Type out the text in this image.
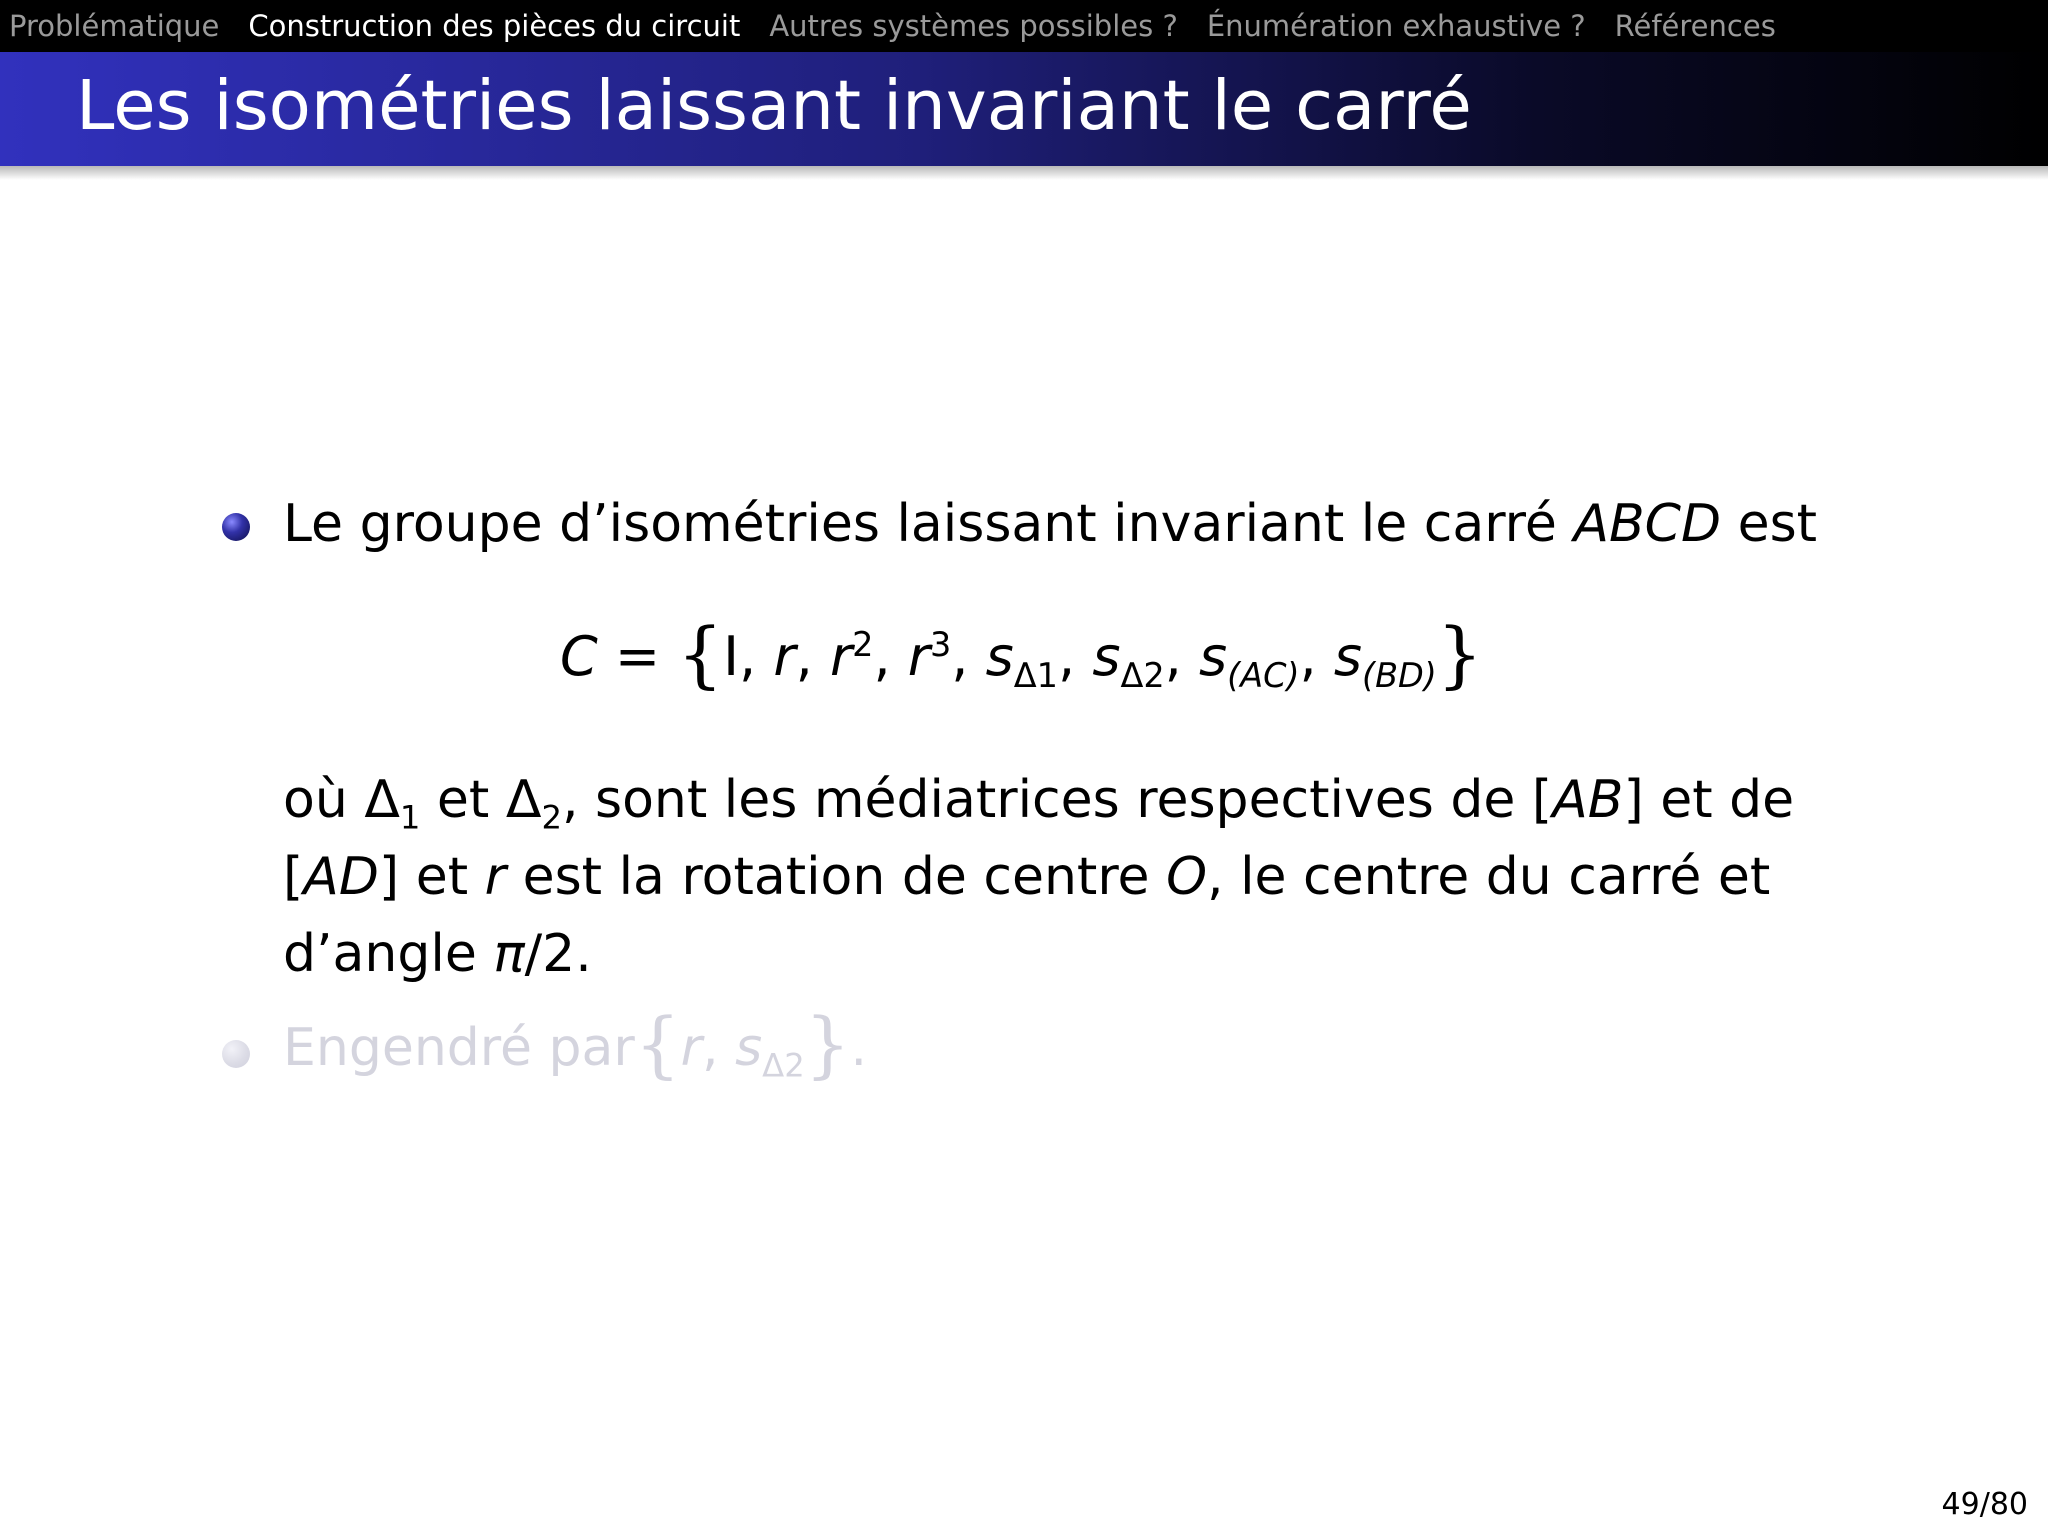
Problématique Construction des pièces du circuit Autres systèmes possibles ? Énumération exhaustive ? Références
Les isométries laissant invariant le carré
Le groupe d’isométries laissant invariant le carré ABCD est
C = {I, r, $r^2$, $r^3$, $s_{\Delta 1}$, $s_{\Delta 2}$, $s_{(AC)}$, $s_{(BD)}$}
où $\Delta_1$ et $\Delta_2$, sont les médiatrices respectives de [AB] et de
[AD] et r est la rotation de centre O, le centre du carré et
d’angle π/2.
Engendré par{r, $s_{\Delta 2}$}.
49/80
